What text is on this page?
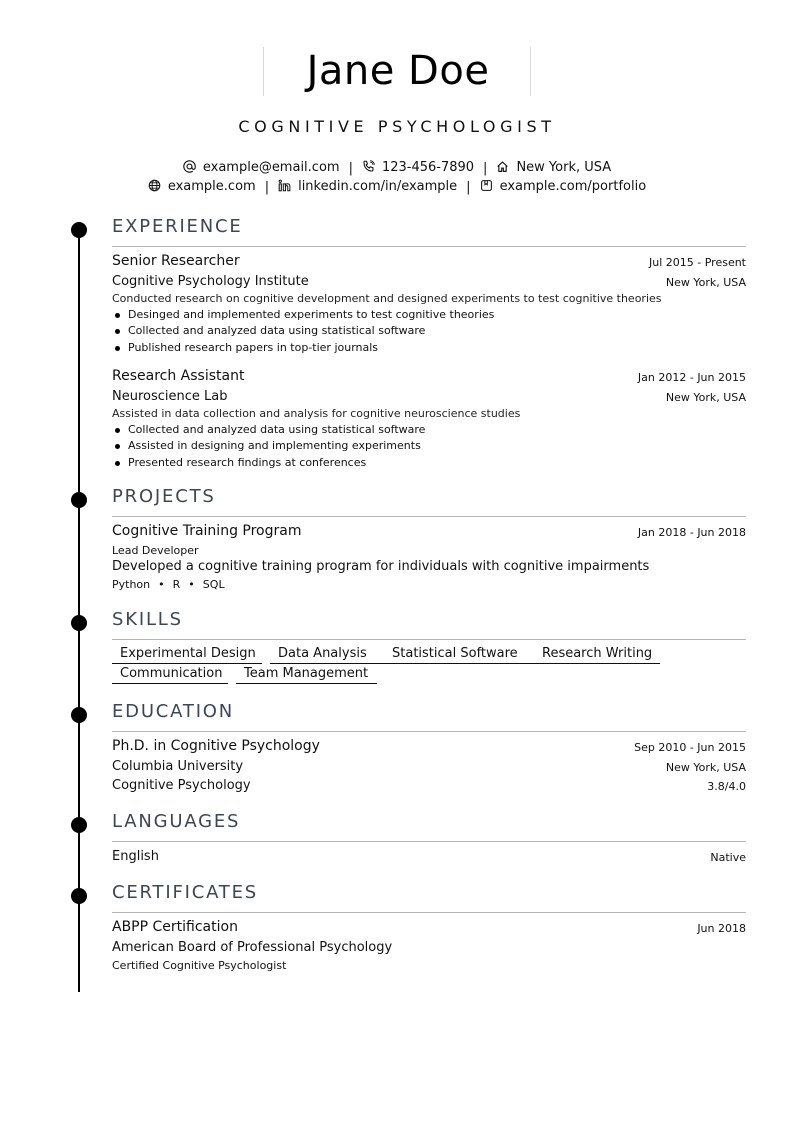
Jane Doe
COGNITIVE PSYCHOLOGIST
example@email.com | 123-456-7890 | New York, USA
example.com | linkedin.com/in/example | example.com/portfolio
EXPERIENCE
Senior Researcher	Jul 2015 - Present
Cognitive Psychology Institute	New York, USA
Conducted research on cognitive development and designed experiments to test cognitive theories
Desinged and implemented experiments to test cognitive theories
Collected and analyzed data using statistical software
Published research papers in top-tier journals
Research Assistant	Jan 2012 - Jun 2015
Neuroscience Lab	New York, USA
Assisted in data collection and analysis for cognitive neuroscience studies
Collected and analyzed data using statistical software
Assisted in designing and implementing experiments
Presented research findings at conferences
PROJECTS
Cognitive Training Program	Jan 2018 - Jun 2018
Lead Developer
Developed a cognitive training program for individuals with cognitive impairments
Python • R • SQL
SKILLS
Experimental Design	Data Analysis	Statistical Software	Research Writing
Communication	Team Management
EDUCATION
Ph.D. in Cognitive Psychology	Sep 2010 - Jun 2015
Columbia University	New York, USA
Cognitive Psychology	3.8/4.0
LANGUAGES
English	Native
CERTIFICATES
ABPP Certification	Jun 2018
American Board of Professional Psychology
Certified Cognitive Psychologist
